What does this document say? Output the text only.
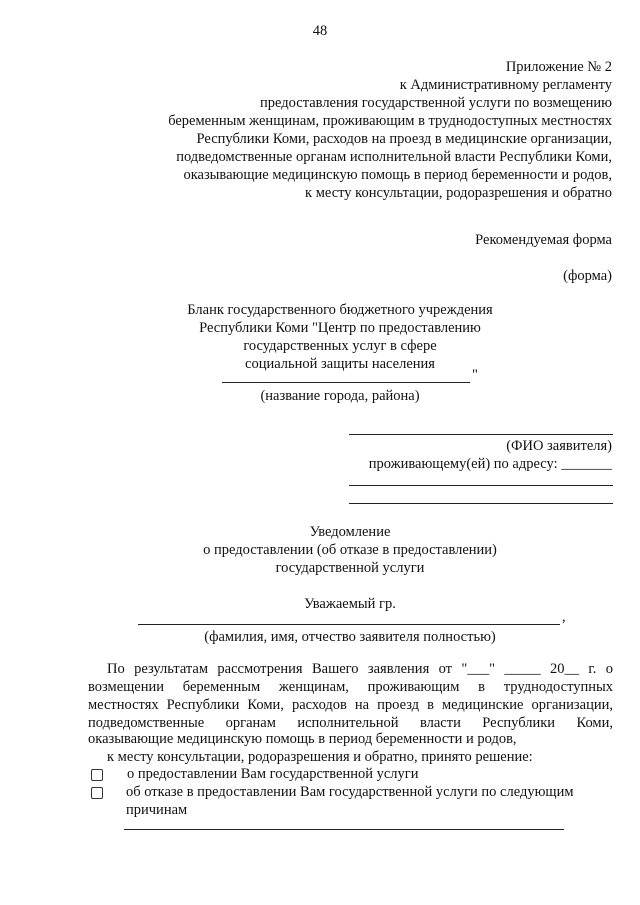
48
Приложение № 2
к Административному регламенту
предоставления государственной услуги по возмещению
беременным женщинам, проживающим в труднодоступных местностях
Республики Коми, расходов на проезд в медицинские организации,
подведомственные органам исполнительной власти Республики Коми,
оказывающие медицинскую помощь в период беременности и родов,
к месту консультации, родоразрешения и обратно
Рекомендуемая форма
(форма)
Бланк государственного бюджетного учреждения
Республики Коми "Центр по предоставлению
государственных услуг в сфере
социальной защиты населения
"
(название города, района)
(ФИО заявителя)
проживающему(ей) по адресу: _______
Уведомление
о предоставлении (об отказе в предоставлении)
государственной услуги
Уважаемый гр.
,
(фамилия, имя, отчество заявителя полностью)
По результатам рассмотрения Вашего заявления от "___" _____ 20__ г. о
возмещении беременным женщинам, проживающим в труднодоступных
местностях Республики Коми, расходов на проезд в медицинские организации,
подведомственные органам исполнительной власти Республики Коми,
оказывающие медицинскую помощь в период беременности и родов,
к месту консультации, родоразрешения и обратно, принято решение:
о предоставлении Вам государственной услуги
об отказе в предоставлении Вам государственной услуги по следующим
причинам
